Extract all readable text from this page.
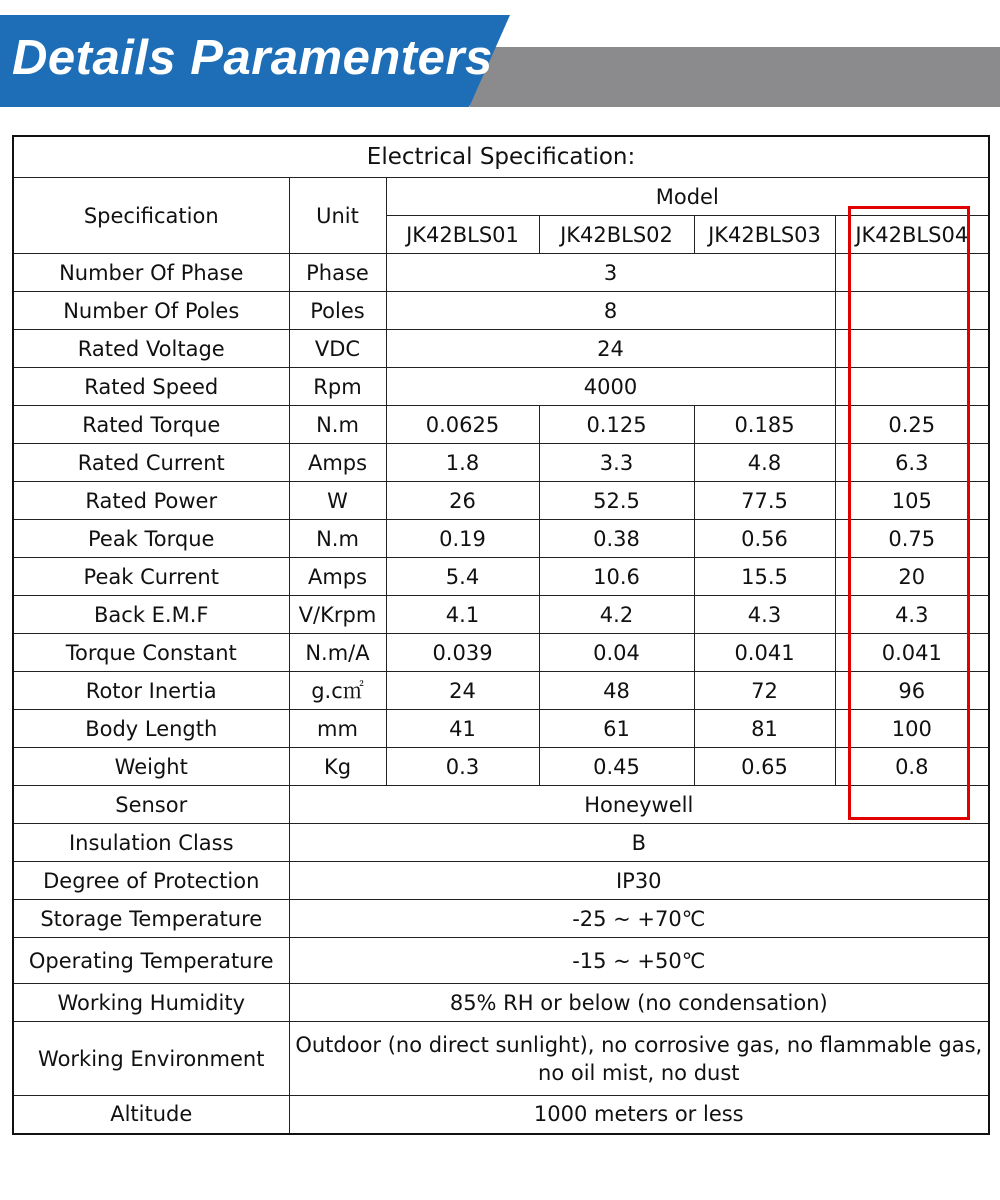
Details Paramenters
Electrical Specification:					
Specification	Unit	Model			
		JK42BLS01	JK42BLS02	JK42BLS03	JK42BLS04
Number Of Phase	Phase	3			
Number Of Poles	Poles	8			
Rated Voltage	VDC	24			
Rated Speed	Rpm	4000			
Rated Torque	N.m	0.0625	0.125	0.185	0.25
Rated Current	Amps	1.8	3.3	4.8	6.3
Rated Power	W	26	52.5	77.5	105
Peak Torque	N.m	0.19	0.38	0.56	0.75
Peak Current	Amps	5.4	10.6	15.5	20
Back E.M.F	V/Krpm	4.1	4.2	4.3	4.3
Torque Constant	N.m/A	0.039	0.04	0.041	0.041
Rotor Inertia	g.c㎡	24	48	72	96
Body Length	mm	41	61	81	100
Weight	Kg	0.3	0.45	0.65	0.8
Sensor	Honeywell				
Insulation Class	B				
Degree of Protection	IP30				
Storage Temperature	-25 ~ +70℃				
Operating Temperature	-15 ~ +50℃				
Working Humidity	85% RH or below (no condensation)				
Working Environment	Outdoor (no direct sunlight), no corrosive gas, no flammable gas,
no oil mist, no dust				

Altitude	1000 meters or less				
